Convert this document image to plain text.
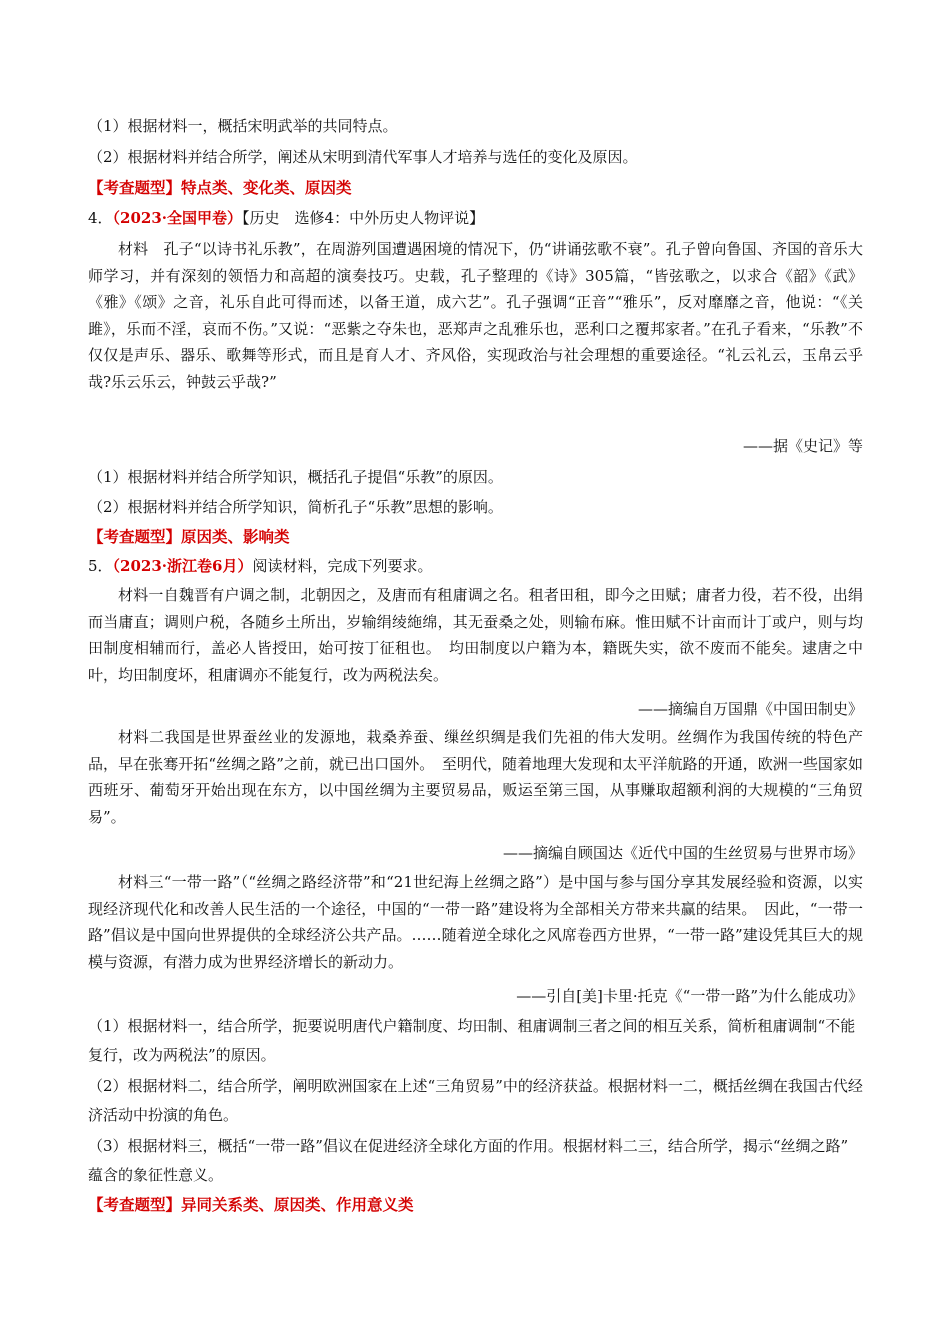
（1）根据材料一，概括宋明武举的共同特点。
（2）根据材料并结合所学，阐述从宋明到清代军事人才培养与选任的变化及原因。
【考查题型】特点类、变化类、原因类
4．（2023·全国甲卷）【历史　选修4：中外历史人物评说】

材料　孔子“以诗书礼乐教”，在周游列国遭遇困境的情况下，仍“讲诵弦歌不衰”。孔子曾向鲁国、齐国的音乐大师学习，并有深刻的领悟力和高超的演奏技巧。史载，孔子整理的《诗》305篇，“皆弦歌之，以求合《韶》《武》《雅》《颂》之音，礼乐自此可得而述，以备王道，成六艺”。孔子强调“正音”“雅乐”，反对靡靡之音，他说：“《关雎》，乐而不淫，哀而不伤。”又说：“恶紫之夺朱也，恶郑声之乱雅乐也，恶利口之覆邦家者。”在孔子看来，“乐教”不仅仅是声乐、器乐、歌舞等形式，而且是育人才、齐风俗，实现政治与社会理想的重要途径。“礼云礼云，玉帛云乎哉?乐云乐云，钟鼓云乎哉?”

——据《史记》等
（1）根据材料并结合所学知识，概括孔子提倡“乐教”的原因。
（2）根据材料并结合所学知识，简析孔子“乐教”思想的影响。
【考查题型】原因类、影响类
5．（2023·浙江卷6月）阅读材料，完成下列要求。

材料一自魏晋有户调之制，北朝因之，及唐而有租庸调之名。租者田租，即今之田赋；庸者力役，若不役，出绢而当庸直；调则户税，各随乡土所出，岁输绢绫絁绵，其无蚕桑之处，则输布麻。惟田赋不计亩而计丁或户，则与均田制度相辅而行，盖必人皆授田，始可按丁征租也。　均田制度以户籍为本，籍既失实，欲不废而不能矣。逮唐之中叶，均田制度坏，租庸调亦不能复行，改为两税法矣。

——摘编自万国鼎《中国田制史》

材料二我国是世界蚕丝业的发源地，栽桑养蚕、缫丝织绸是我们先祖的伟大发明。丝绸作为我国传统的特色产品，早在张骞开拓“丝绸之路”之前，就已出口国外。　至明代，随着地理大发现和太平洋航路的开通，欧洲一些国家如西班牙、葡萄牙开始出现在东方，以中国丝绸为主要贸易品，贩运至第三国，从事赚取超额利润的大规模的“三角贸易”。

——摘编自顾国达《近代中国的生丝贸易与世界市场》

材料三“一带一路”（“丝绸之路经济带”和“21世纪海上丝绸之路”）是中国与参与国分享其发展经验和资源，以实现经济现代化和改善人民生活的一个途径，中国的“一带一路”建设将为全部相关方带来共赢的结果。　因此，“一带一路”倡议是中国向世界提供的全球经济公共产品。……随着逆全球化之风席卷西方世界，“一带一路”建设凭其巨大的规模与资源，有潜力成为世界经济增长的新动力。

——引自[美]卡里·托克《“一带一路”为什么能成功》
（1）根据材料一，结合所学，扼要说明唐代户籍制度、均田制、租庸调制三者之间的相互关系，简析租庸调制“不能复行，改为两税法”的原因。
（2）根据材料二，结合所学，阐明欧洲国家在上述“三角贸易”中的经济获益。根据材料一二，概括丝绸在我国古代经济活动中扮演的角色。
（3）根据材料三，概括“一带一路”倡议在促进经济全球化方面的作用。根据材料二三，结合所学，揭示“丝绸之路” 蕴含的象征性意义。
【考查题型】异同关系类、原因类、作用意义类
